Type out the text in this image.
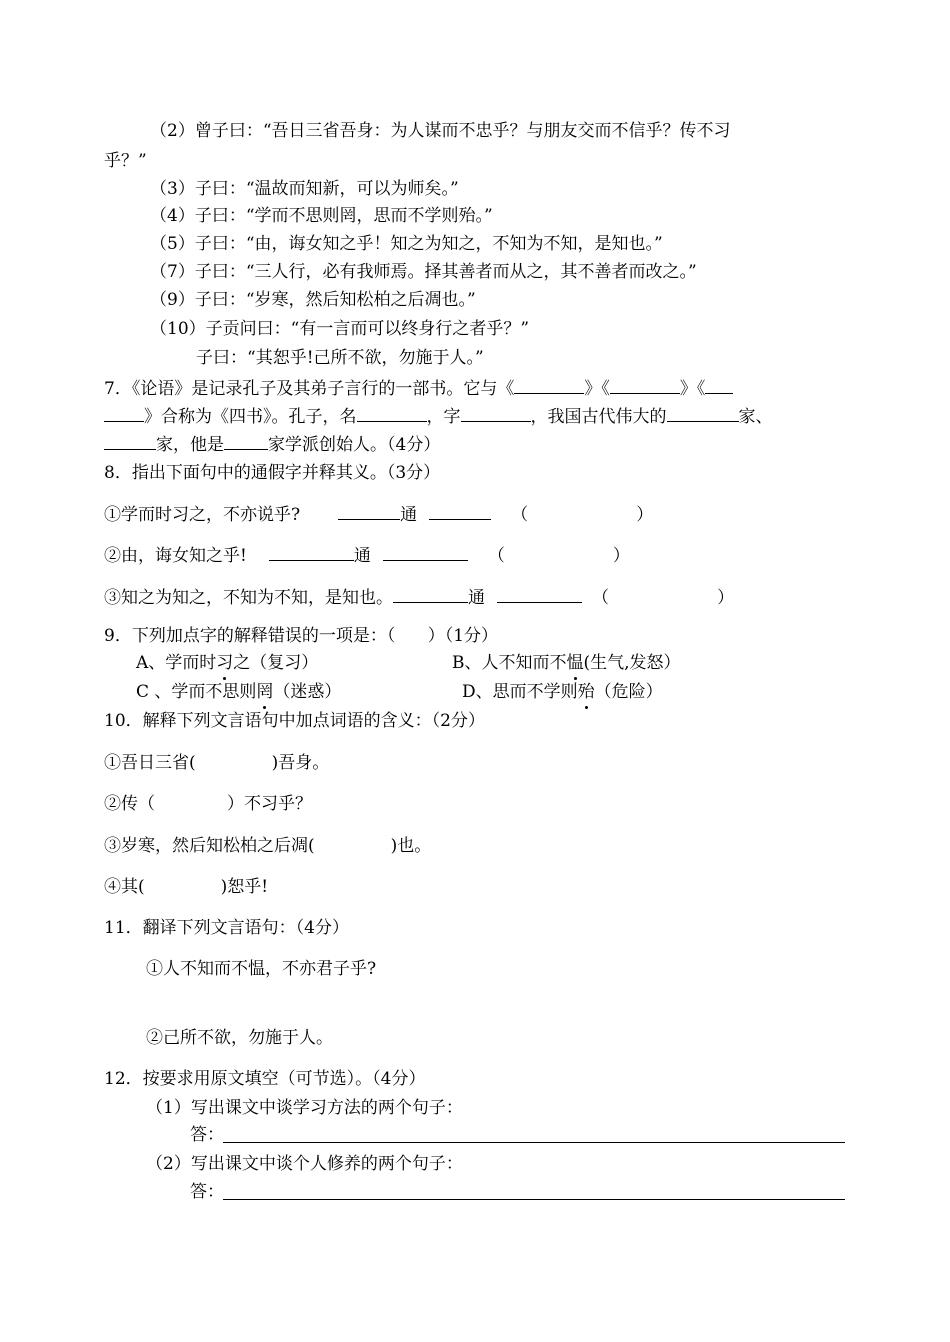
（2）曾子曰：“吾日三省吾身：为人谋而不忠乎？与朋友交而不信乎？传不习
乎？”
（3）子曰：“温故而知新，可以为师矣。”
（4）子曰：“学而不思则罔，思而不学则殆。”
（5）子曰：“由，诲女知之乎！知之为知之，不知为不知，是知也。”
（7）子曰：“三人行，必有我师焉。择其善者而从之，其不善者而改之。”
（9）子曰：“岁寒，然后知松柏之后凋也。”
（10）子贡问曰：“有一言而可以终身行之者乎？”
子曰：“其恕乎!己所不欲，勿施于人。”
7．《论语》是记录孔子及其弟子言行的一部书。它与《	》《	》《
》合称为《四书》。孔子，名	，字	，我国古代伟大的	家、
家，他是	家学派创始人。（4分）
8．指出下面句中的通假字并释其义。（3分）
①学而时习之，不亦说乎?	通	（                    ）
②由，诲女知之乎!	通	（                    ）
③知之为知之，不知为不知，是知也。	通	（                    ）
9．下列加点字的解释错误的一项是：（      ）（1分）
A、学而时习之（复习）	B、人不知而不愠(生气,发怒）
C 、学而不思则罔（迷惑）	D、思而不学则殆（危险）
10．解释下列文言语句中加点词语的含义：（2分）
①吾日三省(	)吾身。
②传（	）不习乎？
③岁寒，然后知松柏之后凋(	)也。
④其(	)恕乎!
11．翻译下列文言语句：（4分）
①人不知而不愠，不亦君子乎?
②己所不欲，勿施于人。
12．按要求用原文填空（可节选）。（4分）
（1）写出课文中谈学习方法的两个句子：
答：
（2）写出课文中谈个人修养的两个句子：
答：
